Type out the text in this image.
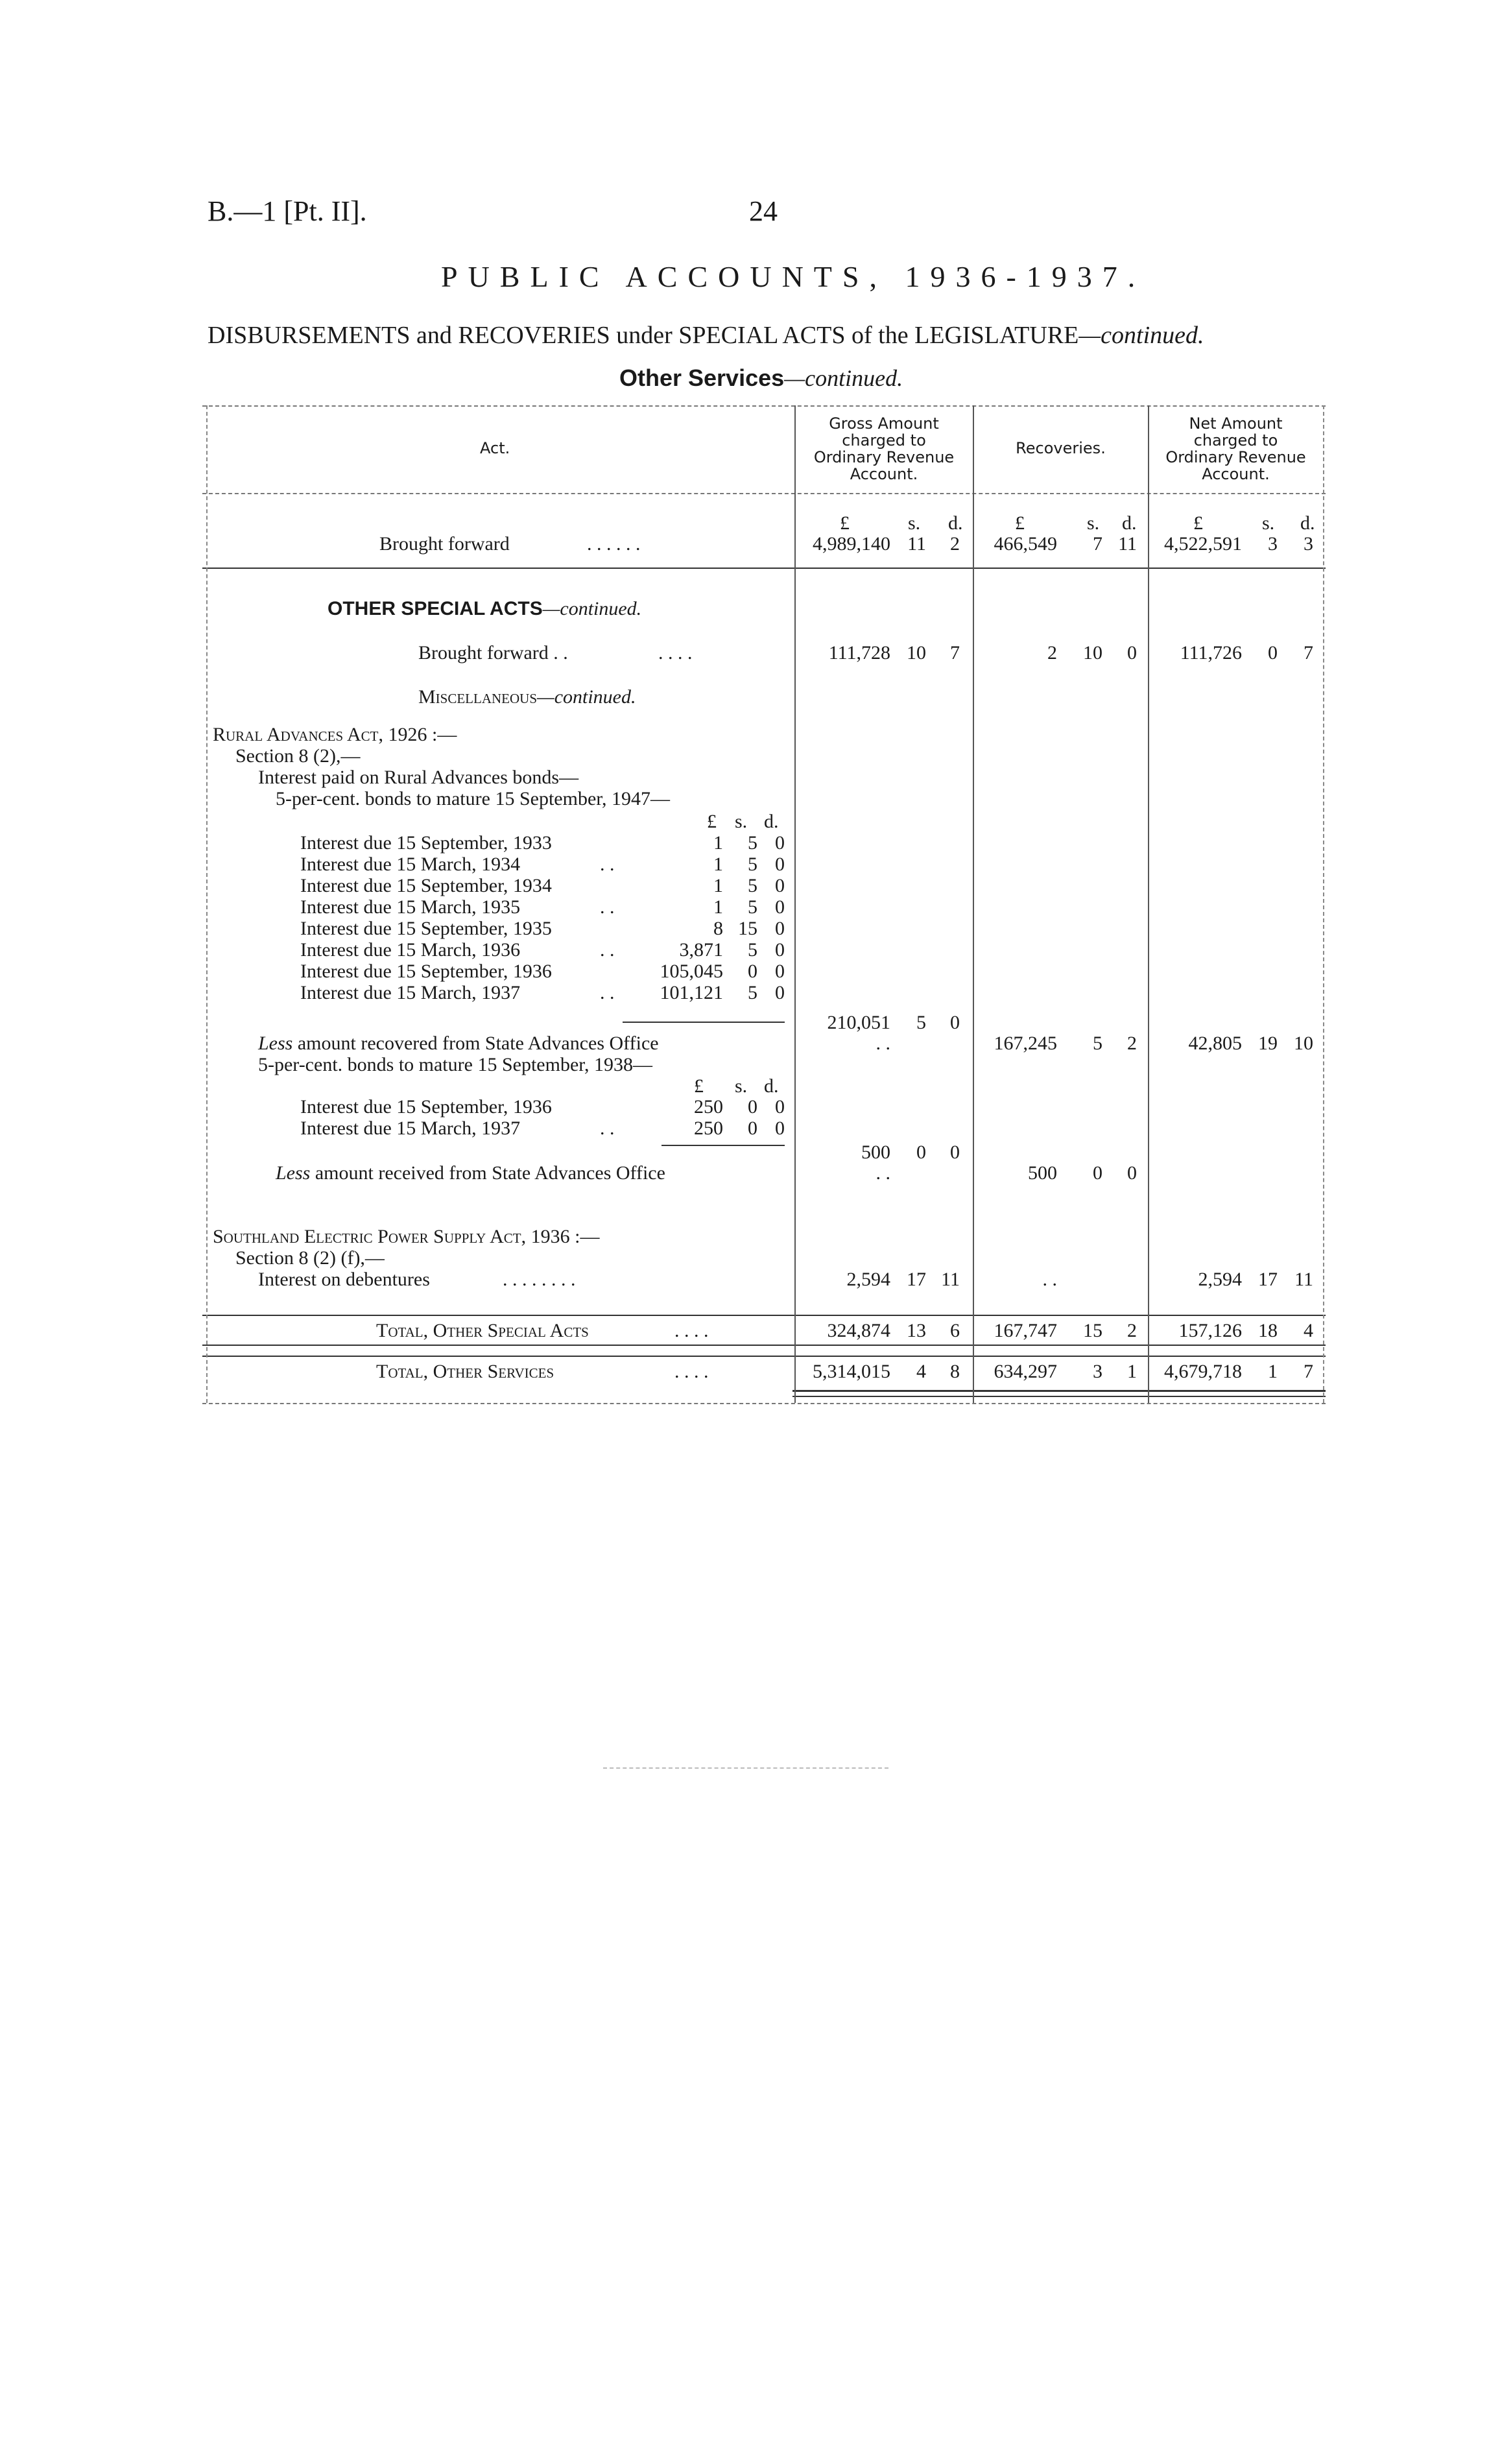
B.—1 [Pt. II].	24
PUBLIC ACCOUNTS, 1936-1937.
DISBURSEMENTS and RECOVERIES under SPECIAL ACTS of the LEGISLATURE—continued.
Other Services—continued.
Act.
Gross Amount
charged to
Ordinary Revenue
Account.
Recoveries.
Net Amount
charged to
Ordinary Revenue
Account.
£	s. d.	£	s. d.	£	s. d.
Brought forward	. . . . . .	4,989,140 11	2	466,549	7 11	4,522,591	3	3
OTHER SPECIAL ACTS—continued.
Brought forward . .	. . . .	111,728 10	7	2	10	0	111,726	0	7
Miscellaneous—continued.
Rural Advances Act, 1926 :—
Section 8 (2),—
Interest paid on Rural Advances bonds—
5-per-cent. bonds to mature 15 September, 1947—
£ s. d.
Interest due 15 September, 1933	1	5 0
Interest due 15 March, 1934	. .	1	5 0
Interest due 15 September, 1934	1	5 0
Interest due 15 March, 1935	. .	1	5 0
Interest due 15 September, 1935	8 15 0
Interest due 15 March, 1936	. .	3,871	5 0
Interest due 15 September, 1936	105,045	0 0
Interest due 15 March, 1937	. .	101,121	5 0
210,051	5	0
Less amount recovered from State Advances Office	. .	167,245	5	2	42,805 19 10
5-per-cent. bonds to mature 15 September, 1938—
£ s. d.
Interest due 15 September, 1936	250	0 0
Interest due 15 March, 1937	. .	250	0 0
500	0	0
Less amount received from State Advances Office	. .	500	0	0
Southland Electric Power Supply Act, 1936 :—
Section 8 (2) (f),—
Interest on debentures	. . . . . . . .	2,594 17 11	. .	2,594 17 11
Total, Other Special Acts	. . . .	324,874 13	6	167,747	15	2	157,126 18	4
Total, Other Services	. . . .	5,314,015	4	8	634,297	3	1	4,679,718	1	7
